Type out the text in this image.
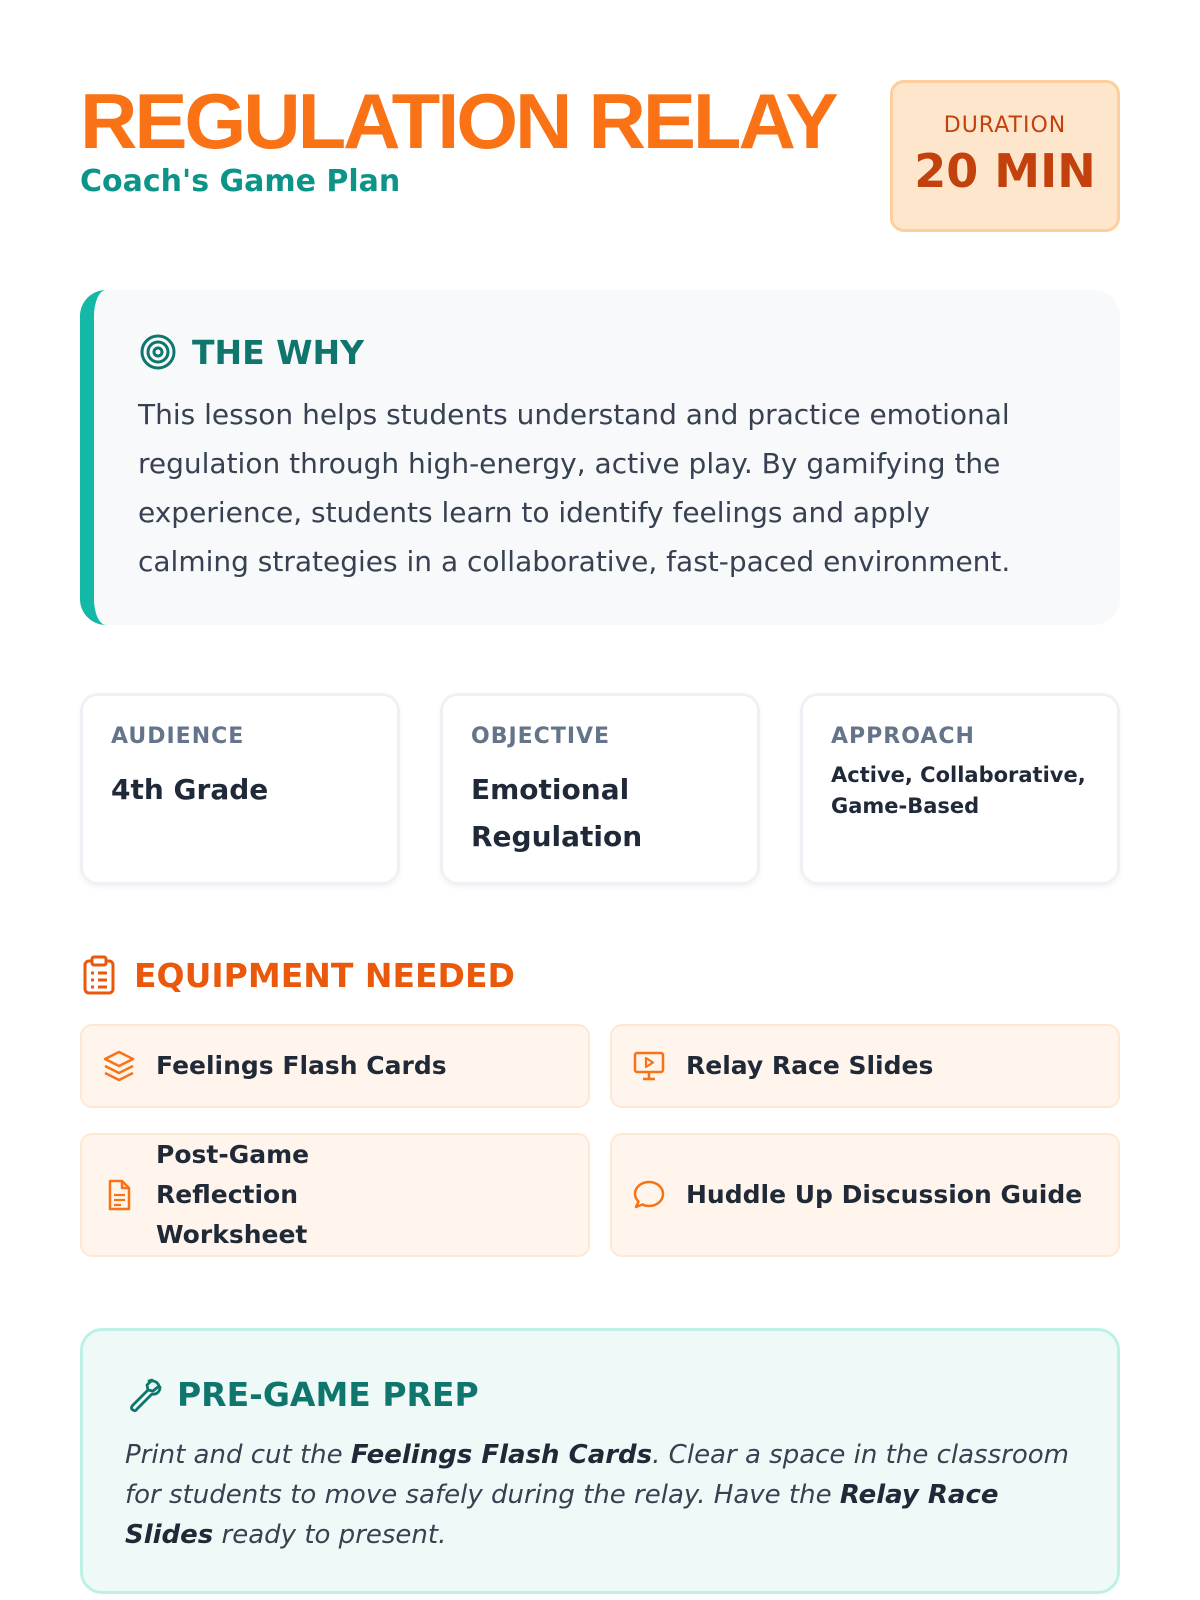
REGULATION RELAY
Coach's Game Plan
DURATION
20 MIN
THE WHY

This lesson helps students understand and practice emotional regulation through high-energy, active play. By gamifying the experience, students learn to identify feelings and apply calming strategies in a collaborative, fast-paced environment.

AUDIENCE
4th Grade
OBJECTIVE
Emotional Regulation
APPROACH
Active, Collaborative, Game-Based
EQUIPMENT NEEDED
Feelings Flash Cards	Relay Race Slides
Post-Game Reflection Worksheet
Huddle Up Discussion Guide
PRE-GAME PREP

Print and cut the Feelings Flash Cards. Clear a space in the classroom for students to move safely during the relay. Have the Relay Race Slides ready to present.
